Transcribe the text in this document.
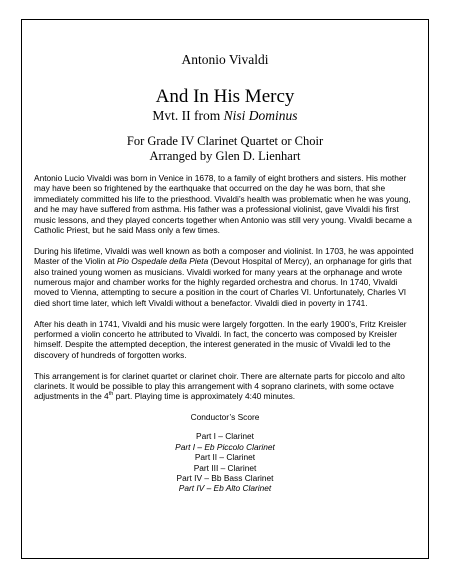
Antonio Vivaldi

And In His Mercy

Mvt. II from Nisi Dominus

For Grade IV Clarinet Quartet or Choir

Arranged by Glen D. Lienhart

Antonio Lucio Vivaldi was born in Venice in 1678, to a family of eight brothers and sisters. His mother may have been so frightened by the earthquake that occurred on the day he was born, that she immediately committed his life to the priesthood. Vivaldi’s health was problematic when he was young, and he may have suffered from asthma. His father was a professional violinist, gave Vivaldi his first music lessons, and they played concerts together when Antonio was still very young. Vivaldi became a Catholic Priest, but he said Mass only a few times.

During his lifetime, Vivaldi was well known as both a composer and violinist. In 1703, he was appointed Master of the Violin at Pio Ospedale della Pieta (Devout Hospital of Mercy), an orphanage for girls that also trained young women as musicians. Vivaldi worked for many years at the orphanage and wrote numerous major and chamber works for the highly regarded orchestra and chorus. In 1740, Vivaldi moved to Vienna, attempting to secure a position in the court of Charles VI. Unfortunately, Charles VI died short time later, which left Vivaldi without a benefactor. Vivaldi died in poverty in 1741.

After his death in 1741, Vivaldi and his music were largely forgotten. In the early 1900’s, Fritz Kreisler performed a violin concerto he attributed to Vivaldi. In fact, the concerto was composed by Kreisler himself. Despite the attempted deception, the interest generated in the music of Vivaldi led to the discovery of hundreds of forgotten works.

This arrangement is for clarinet quartet or clarinet choir. There are alternate parts for piccolo and alto clarinets. It would be possible to play this arrangement with 4 soprano clarinets, with some octave adjustments in the 4th part. Playing time is approximately 4:40 minutes.

Conductor’s Score

Part I – Clarinet
Part I – Eb Piccolo Clarinet
Part II – Clarinet
Part III – Clarinet
Part IV – Bb Bass Clarinet
Part IV – Eb Alto Clarinet
